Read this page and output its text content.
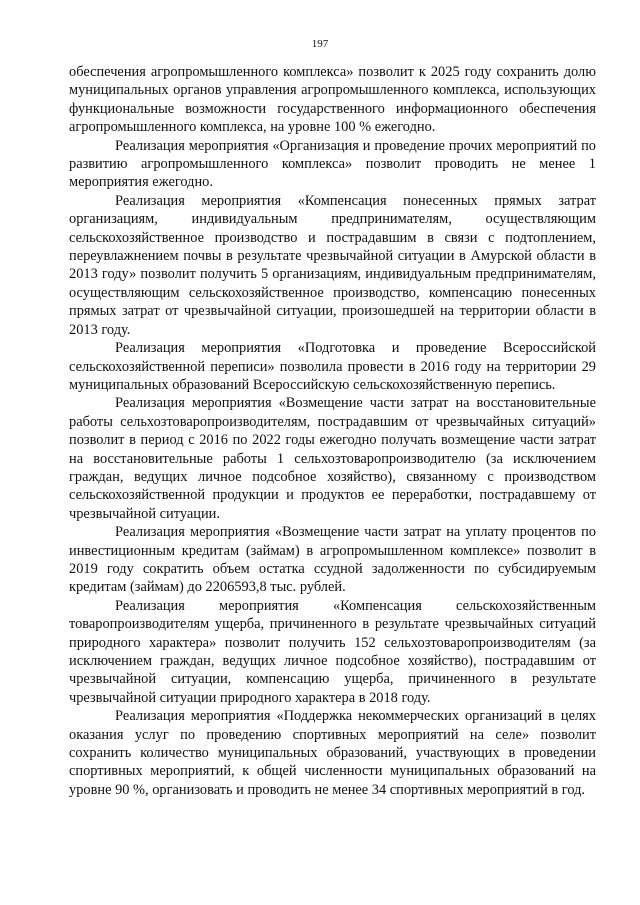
197

обеспечения агропромышленного комплекса» позволит к 2025 году сохранить долю муниципальных органов управления агропромышленного комплекса, использующих функциональные возможности государственного информационного обеспечения агропромышленного комплекса, на уровне 100 % ежегодно.

Реализация мероприятия «Организация и проведение прочих мероприятий по развитию агропромышленного комплекса» позволит проводить не менее 1 мероприятия ежегодно.

Реализация мероприятия «Компенсация понесенных прямых затрат организациям, индивидуальным предпринимателям, осуществляющим сельскохозяйственное производство и пострадавшим в связи с подтоплением, переувлажнением почвы в результате чрезвычайной ситуации в Амурской области в 2013 году» позволит получить 5 организациям, индивидуальным предпринимателям, осуществляющим сельскохозяйственное производство, компенсацию понесенных прямых затрат от чрезвычайной ситуации, произошедшей на территории области в 2013 году.

Реализация мероприятия «Подготовка и проведение Всероссийской сельскохозяйственной переписи» позволила провести в 2016 году на территории 29 муниципальных образований Всероссийскую сельскохозяйственную перепись.

Реализация мероприятия «Возмещение части затрат на восстановительные работы сельхозтоваропроизводителям, пострадавшим от чрезвычайных ситуаций» позволит в период с 2016 по 2022 годы ежегодно получать возмещение части затрат на восстановительные работы 1 сельхозтоваропроизводителю (за исключением граждан, ведущих личное подсобное хозяйство), связанному с производством сельскохозяйственной продукции и продуктов ее переработки, пострадавшему от чрезвычайной ситуации.

Реализация мероприятия «Возмещение части затрат на уплату процентов по инвестиционным кредитам (займам) в агропромышленном комплексе» позволит в 2019 году сократить объем остатка ссудной задолженности по субсидируемым кредитам (займам) до 2206593,8 тыс. рублей.

Реализация мероприятия «Компенсация сельскохозяйственным товаропроизводителям ущерба, причиненного в результате чрезвычайных ситуаций природного характера» позволит получить 152 сельхозтоваропроизводителям (за исключением граждан, ведущих личное подсобное хозяйство), пострадавшим от чрезвычайной ситуации, компенсацию ущерба, причиненного в результате чрезвычайной ситуации природного характера в 2018 году.

Реализация мероприятия «Поддержка некоммерческих организаций в целях оказания услуг по проведению спортивных мероприятий на селе» позволит сохранить количество муниципальных образований, участвующих в проведении спортивных мероприятий, к общей численности муниципальных образований на уровне 90 %, организовать и проводить не менее 34 спортивных мероприятий в год.
